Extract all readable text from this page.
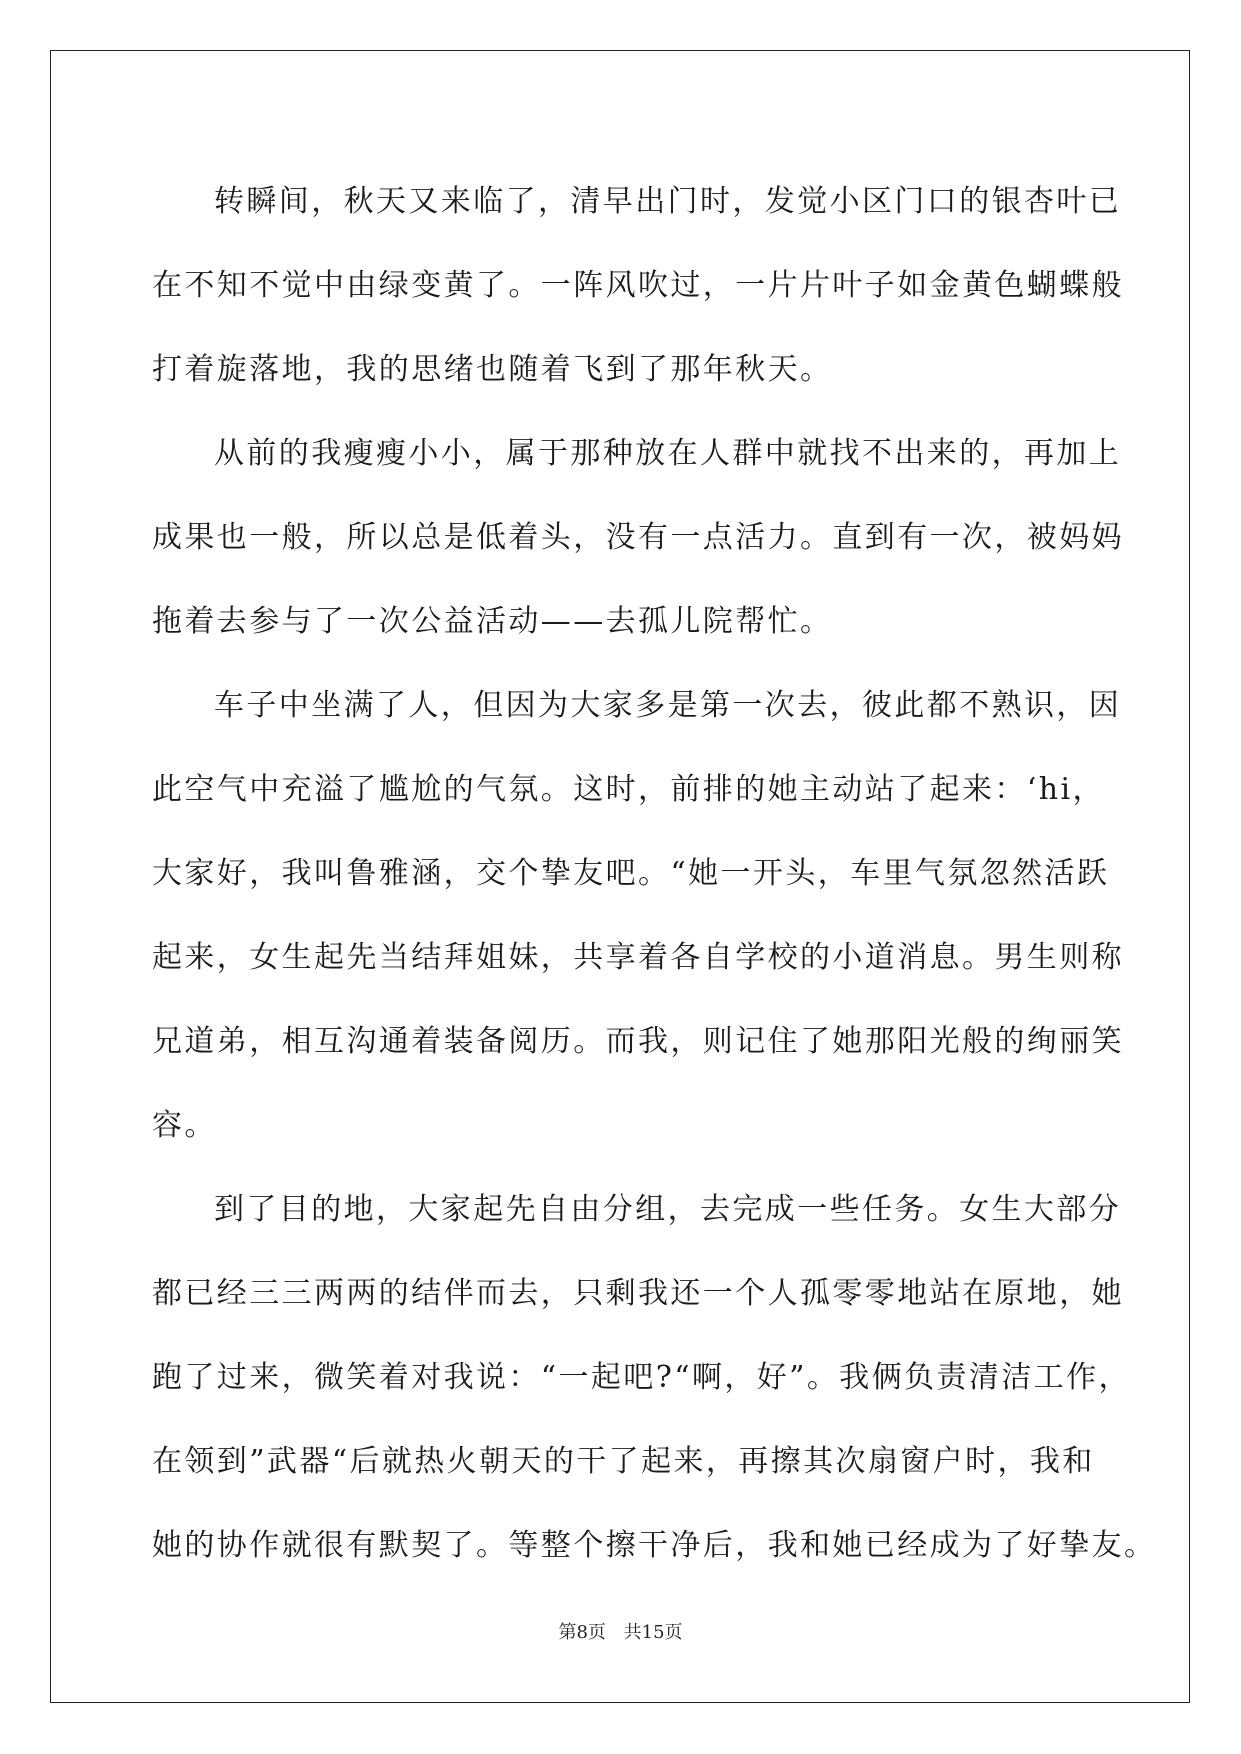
转瞬间，秋天又来临了，清早出门时，发觉小区门口的银杏叶已
在不知不觉中由绿变黄了。一阵风吹过，一片片叶子如金黄色蝴蝶般
打着旋落地，我的思绪也随着飞到了那年秋天。
从前的我瘦瘦小小，属于那种放在人群中就找不出来的，再加上
成果也一般，所以总是低着头，没有一点活力。直到有一次，被妈妈
拖着去参与了一次公益活动——去孤儿院帮忙。
车子中坐满了人，但因为大家多是第一次去，彼此都不熟识，因
此空气中充溢了尴尬的气氛。这时，前排的她主动站了起来：‘hi，
大家好，我叫鲁雅涵，交个挚友吧。“她一开头，车里气氛忽然活跃
起来，女生起先当结拜姐妹，共享着各自学校的小道消息。男生则称
兄道弟，相互沟通着装备阅历。而我，则记住了她那阳光般的绚丽笑
容。
到了目的地，大家起先自由分组，去完成一些任务。女生大部分
都已经三三两两的结伴而去，只剩我还一个人孤零零地站在原地，她
跑了过来，微笑着对我说：“一起吧?“啊，好”。我俩负责清洁工作，
在领到”武器“后就热火朝天的干了起来，再擦其次扇窗户时，我和
她的协作就很有默契了。等整个擦干净后，我和她已经成为了好挚友。
第8页 共15页
